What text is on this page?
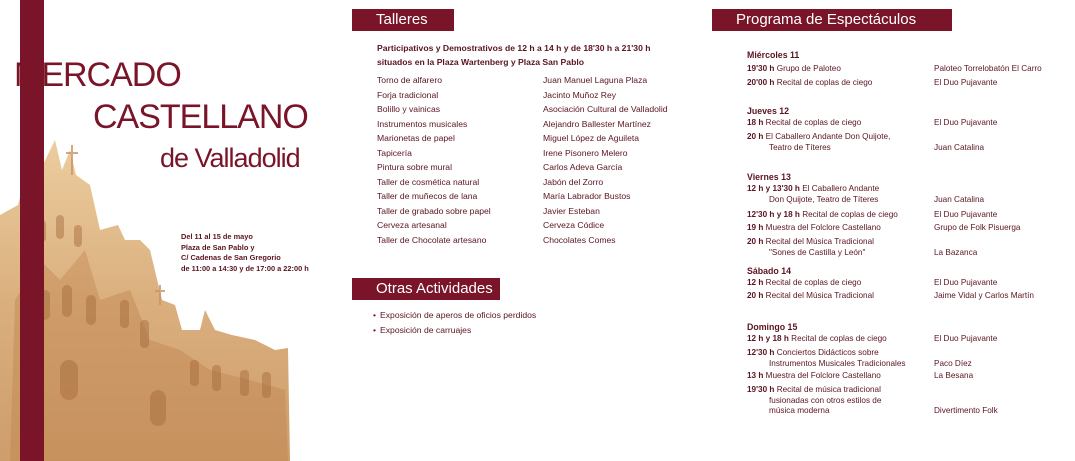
MERCADO
CASTELLANO
de Valladolid
Del 11 al 15 de mayo
Plaza de San Pablo y
C/ Cadenas de San Gregorio
de 11:00 a 14:30 y de 17:00 a 22:00 h
Talleres
Participativos y Demostrativos de 12 h a 14 h y de 18'30 h a 21'30 h
situados en la Plaza Wartenberg y Plaza San Pablo
Torno de alfarero	Juan Manuel Laguna Plaza
Forja tradicional	Jacinto Muñoz Rey
Bolillo y vainicas	Asociación Cultural de Valladolid
Instrumentos musicales	Alejandro Ballester Martínez
Marionetas de papel	Miguel López de Aguileta
Tapicería	Irene Pisonero Melero
Pintura sobre mural	Carlos Adeva García
Taller de cosmética natural	Jabón del Zorro
Taller de muñecos de lana	María Labrador Bustos
Taller de grabado sobre papel	Javier Esteban
Cerveza artesanal	Cerveza Códice
Taller de Chocolate artesano	Chocolates Comes
Otras Actividades
• Exposición de aperos de oficios perdidos
• Exposición de carruajes
Programa de Espectáculos
Miércoles 11
19'30 h Grupo de Paloteo	Paloteo Torrelobatón El Carro
20'00 h Recital de coplas de ciego	El Duo Pujavante
Jueves 12
18 h Recital de coplas de ciego	El Duo Pujavante
20 h El Caballero Andante Don Quijote,
Teatro de Títeres	Juan Catalina
Viernes 13
12 h y 13'30 h El Caballero Andante
Don Quijote, Teatro de Títeres	Juan Catalina
12'30 h y 18 h Recital de coplas de ciego	El Duo Pujavante
19 h Muestra del Folclore Castellano	Grupo de Folk Pisuerga
20 h Recital del Música Tradicional
"Sones de Castilla y León"	La Bazanca
Sábado 14
12 h Recital de coplas de ciego	El Duo Pujavante
20 h Recital del Música Tradicional	Jaime Vidal y Carlos Martín
Domingo 15
12 h y 18 h Recital de coplas de ciego	El Duo Pujavante
12'30 h Conciertos Didácticos sobre
Instrumentos Musicales Tradicionales	Paco Díez
13 h Muestra del Folclore Castellano	La Besana
19'30 h Recital de música tradicional
fusionadas con otros estilos de
música moderna	Divertimento Folk
